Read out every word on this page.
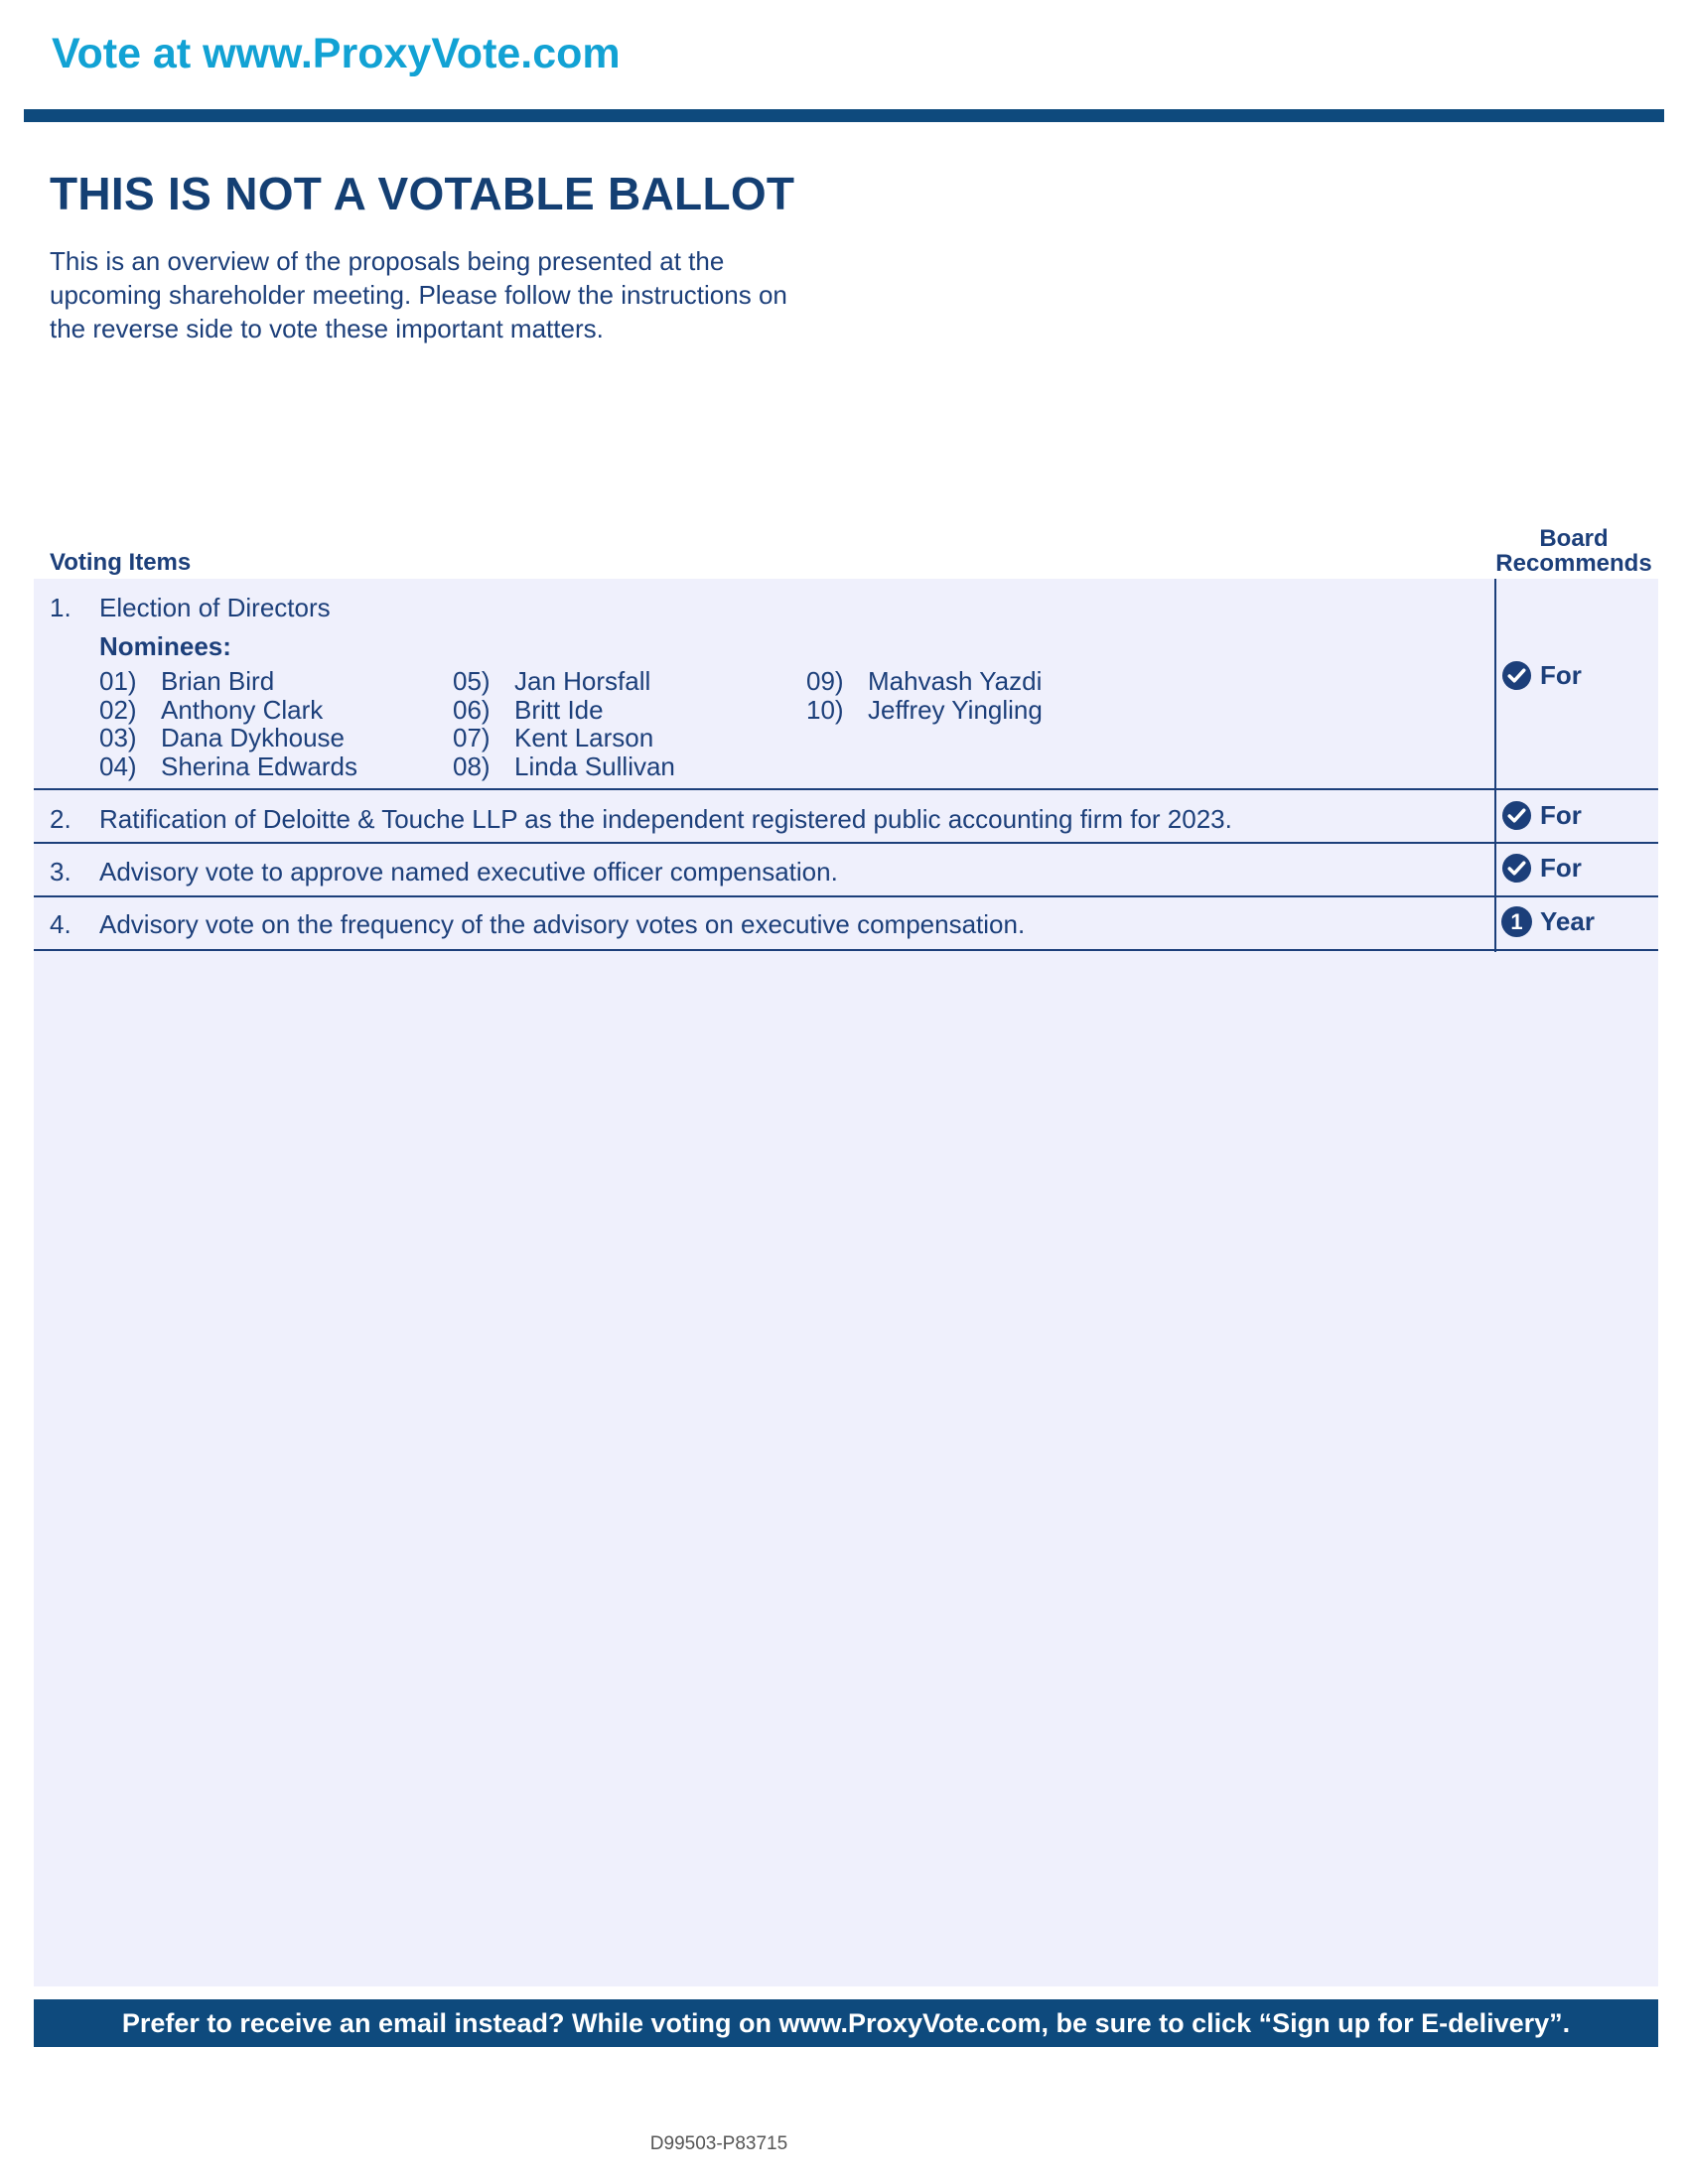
Vote at www.ProxyVote.com
THIS IS NOT A VOTABLE BALLOT
This is an overview of the proposals being presented at the
upcoming shareholder meeting. Please follow the instructions on
the reverse side to vote these important matters.
Voting Items
Board
Recommends
1. Election of Directors
Nominees:
01) Brian Bird
02) Anthony Clark
03) Dana Dykhouse
04) Sherina Edwards
05) Jan Horsfall
06) Britt Ide
07) Kent Larson
08) Linda Sullivan
09) Mahvash Yazdi
10) Jeffrey Yingling
For
2. Ratification of Deloitte & Touche LLP as the independent registered public accounting firm for 2023.	For
3. Advisory vote to approve named executive officer compensation.	For
4. Advisory vote on the frequency of the advisory votes on executive compensation.	1 Year
Prefer to receive an email instead? While voting on www.ProxyVote.com, be sure to click “Sign up for E-delivery”.
D99503-P83715
